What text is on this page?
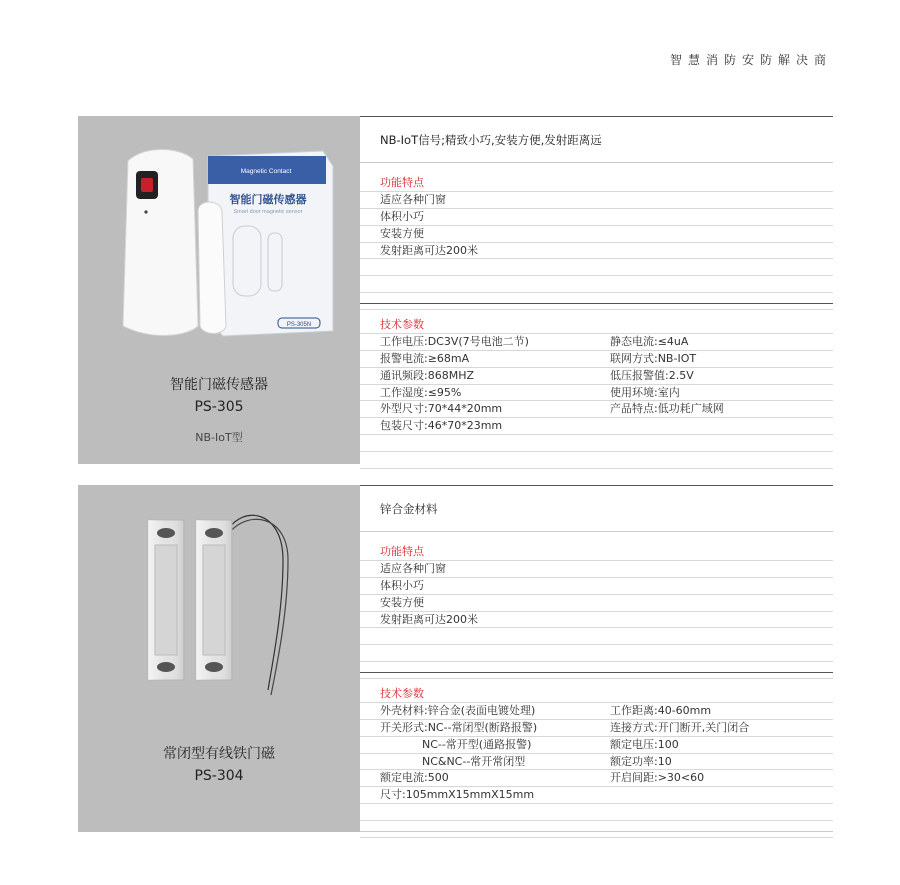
智慧消防安防解决商
Magnetic Contact
智能门磁传感器
Smart door magnetic sensor
PS-305N
智能门磁传感器
PS-305
NB-IoT型
NB-IoT信号;精致小巧,安装方便,发射距离远
功能特点
适应各种门窗
体积小巧
安装方便
发射距离可达200米
技术参数
工作电压:DC3V(7号电池二节)	静态电流:≤4uA
报警电流:≥68mA	联网方式:NB-IOT
通讯频段:868MHZ	低压报警值:2.5V
工作湿度:≤95%	使用环境:室内
外型尺寸:70*44*20mm	产品特点:低功耗广域网
包装尺寸:46*70*23mm
常闭型有线铁门磁
PS-304
锌合金材料
功能特点
适应各种门窗
体积小巧
安装方便
发射距离可达200米
技术参数
外壳材料:锌合金(表面电镀处理)	工作距离:40-60mm
开关形式:NC--常闭型(断路报警)	连接方式:开门断开,关门闭合
NC--常开型(通路报警)	额定电压:100
NC&NC--常开常闭型	额定功率:10
额定电流:500	开启间距:>30<60
尺寸:105mmX15mmX15mm
